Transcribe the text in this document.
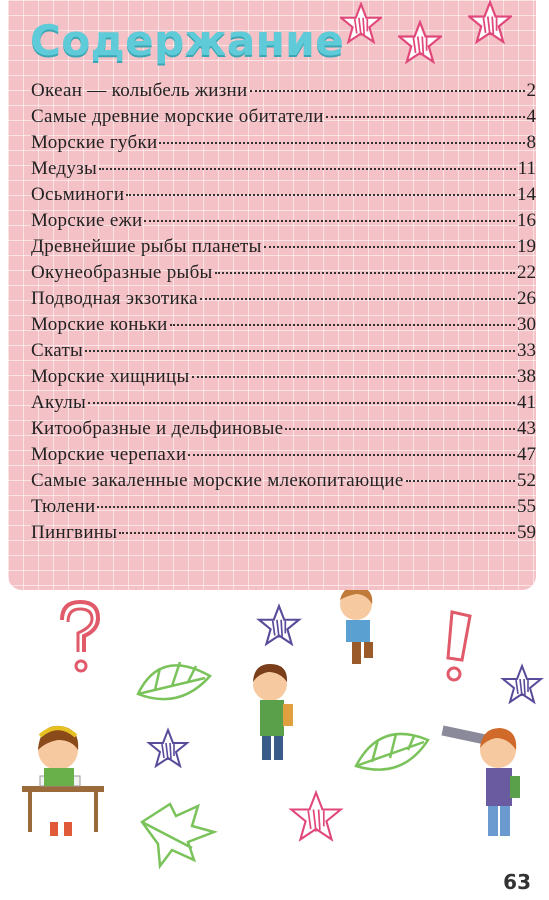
Содержание
Океан — колыбель жизни	2
Самые древние морские обитатели	4
Морские губки	8
Медузы	11
Осьминоги	14
Морские ежи	16
Древнейшие рыбы планеты	19
Окунеобразные рыбы	22
Подводная экзотика	26
Морские коньки	30
Скаты	33
Морские хищницы	38
Акулы	41
Китообразные и дельфиновые	43
Морские черепахи	47
Самые закаленные морские млекопитающие	52
Тюлени	55
Пингвины	59
63
